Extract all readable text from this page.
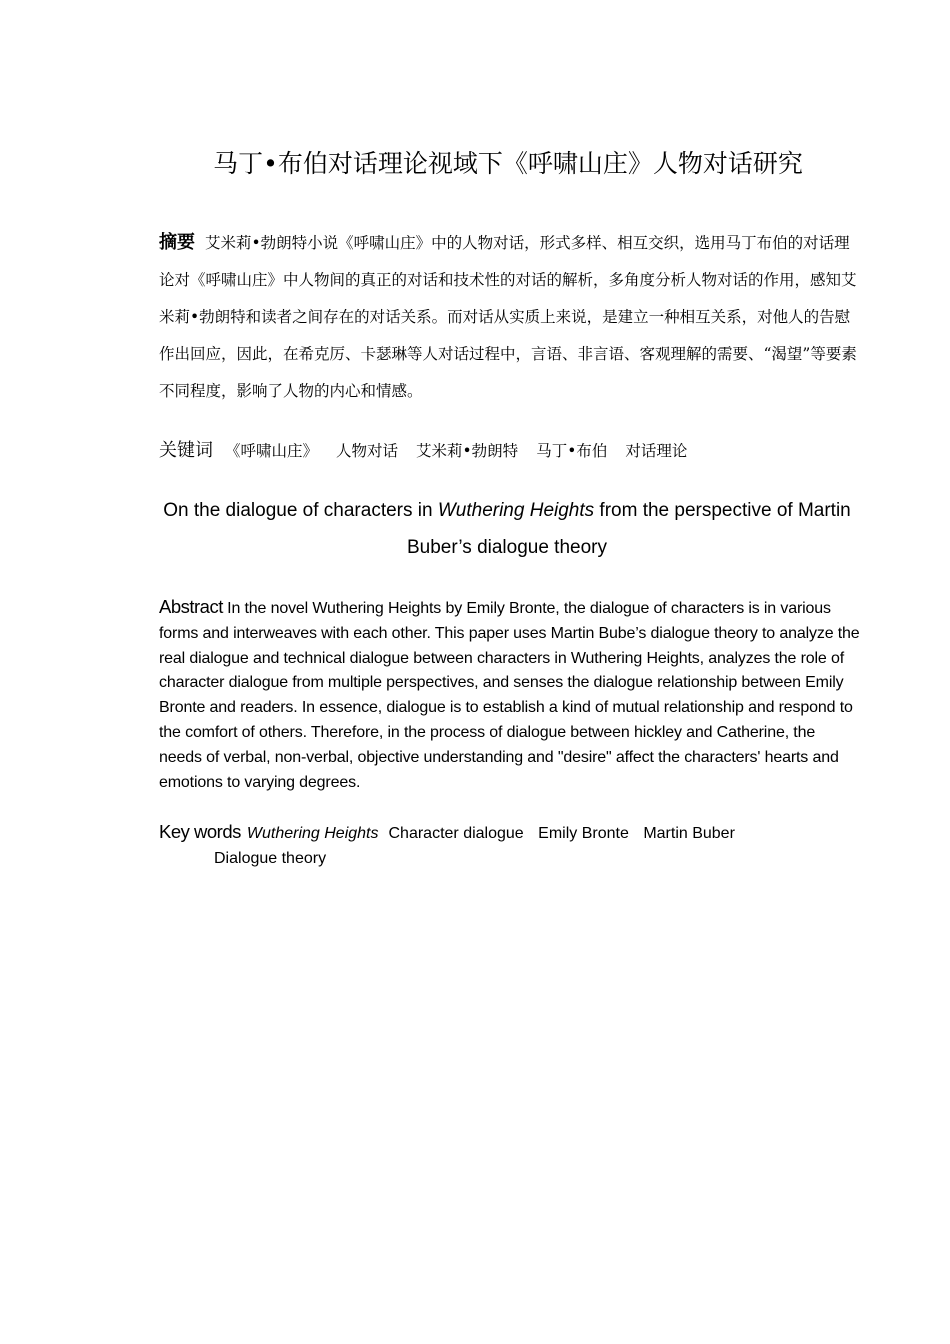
马丁•布伯对话理论视域下《呼啸山庄》人物对话研究

摘要 艾米莉•勃朗特小说《呼啸山庄》中的人物对话，形式多样、相互交织，选用马丁布伯的对话理论对《呼啸山庄》中人物间的真正的对话和技术性的对话的解析，多角度分析人物对话的作用，感知艾米莉•勃朗特和读者之间存在的对话关系。而对话从实质上来说，是建立一种相互关系，对他人的告慰作出回应，因此，在希克厉、卡瑟琳等人对话过程中，言语、非言语、客观理解的需要、“渴望”等要素不同程度，影响了人物的内心和情感。

关键词 《呼啸山庄》 人物对话 艾米莉•勃朗特 马丁•布伯 对话理论

On the dialogue of characters in Wuthering Heights from the perspective of Martin Buber’s dialogue theory

Abstract In the novel Wuthering Heights by Emily Bronte, the dialogue of characters is in various forms and interweaves with each other. This paper uses Martin Bube’s dialogue theory to analyze the real dialogue and technical dialogue between characters in Wuthering Heights, analyzes the role of character dialogue from multiple perspectives, and senses the dialogue relationship between Emily Bronte and readers. In essence, dialogue is to establish a kind of mutual relationship and respond to the comfort of others. Therefore, in the process of dialogue between hickley and Catherine, the needs of verbal, non-verbal, objective understanding and "desire" affect the characters' hearts and emotions to varying degrees.

Key words Wuthering Heights Character dialogue Emily Bronte Martin Buber
Dialogue theory
